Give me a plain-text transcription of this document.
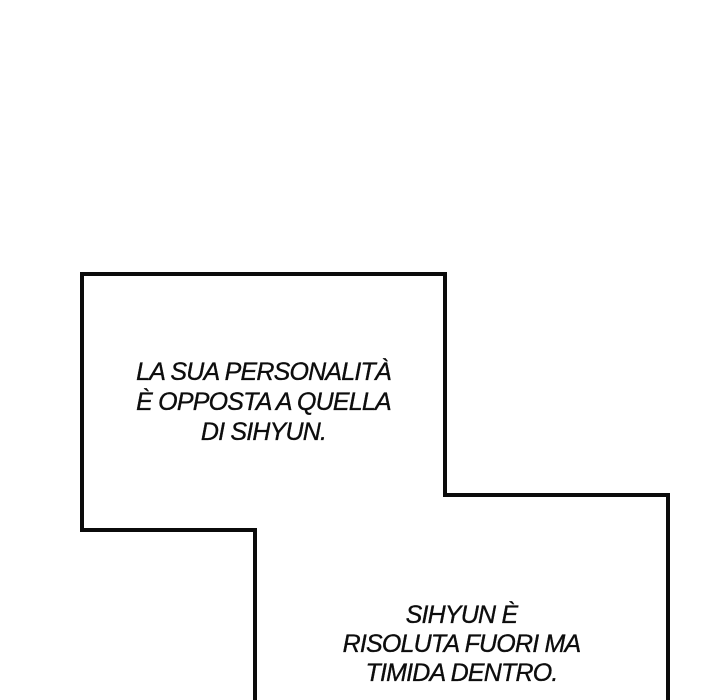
LA SUA PERSONALITÀ
È OPPOSTA A QUELLA
DI SIHYUN.
SIHYUN È
RISOLUTA FUORI MA
TIMIDA DENTRO.
